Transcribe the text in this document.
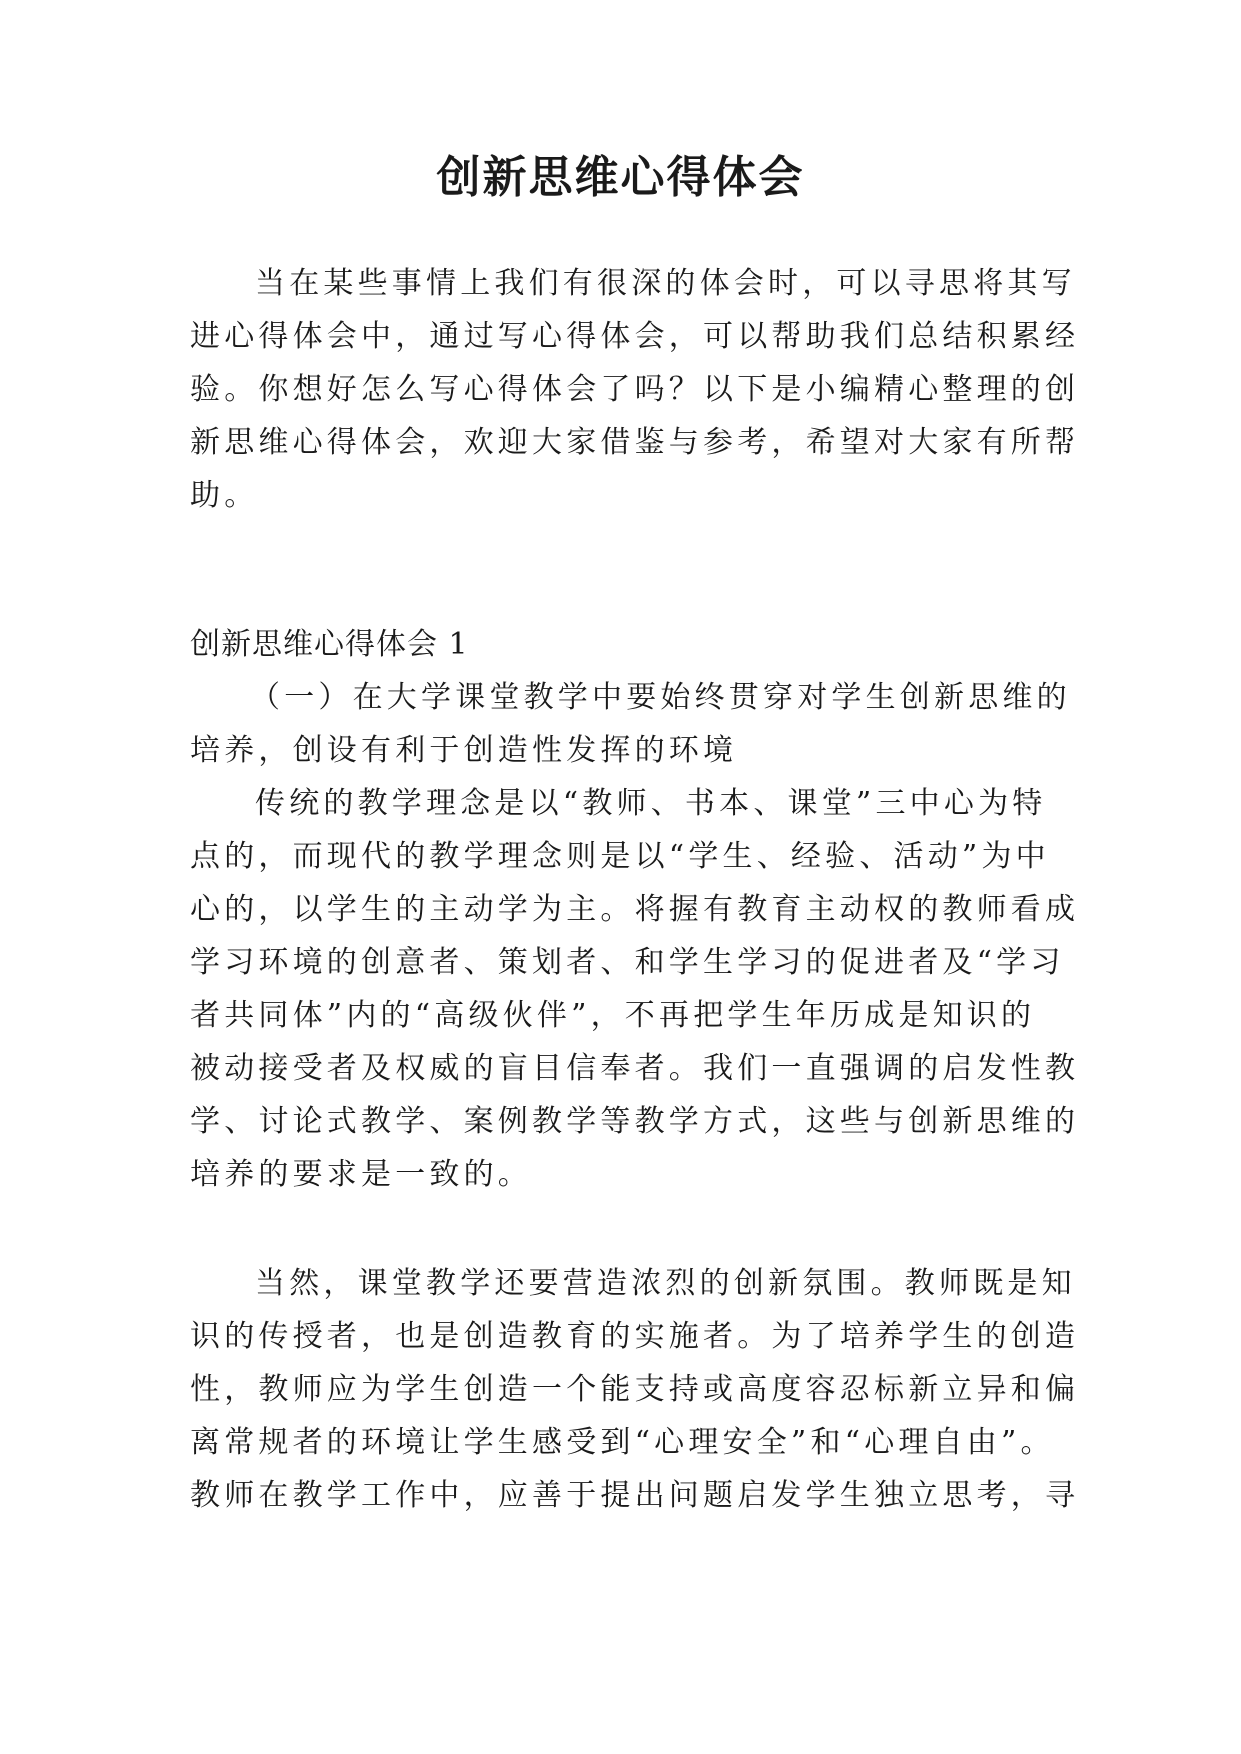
创新思维心得体会
当在某些事情上我们有很深的体会时，可以寻思将其写
进心得体会中，通过写心得体会，可以帮助我们总结积累经
验。你想好怎么写心得体会了吗？以下是小编精心整理的创
新思维心得体会，欢迎大家借鉴与参考，希望对大家有所帮
助。
创新思维心得体会 1
（一）在大学课堂教学中要始终贯穿对学生创新思维的
培养，创设有利于创造性发挥的环境
传统的教学理念是以“教师、书本、课堂”三中心为特
点的，而现代的教学理念则是以“学生、经验、活动”为中
心的，以学生的主动学为主。将握有教育主动权的教师看成
学习环境的创意者、策划者、和学生学习的促进者及“学习
者共同体”内的“高级伙伴”，不再把学生年历成是知识的
被动接受者及权威的盲目信奉者。我们一直强调的启发性教
学、讨论式教学、案例教学等教学方式，这些与创新思维的
培养的要求是一致的。
当然，课堂教学还要营造浓烈的创新氛围。教师既是知
识的传授者，也是创造教育的实施者。为了培养学生的创造
性，教师应为学生创造一个能支持或高度容忍标新立异和偏
离常规者的环境让学生感受到“心理安全”和“心理自由”。
教师在教学工作中，应善于提出问题启发学生独立思考，寻
